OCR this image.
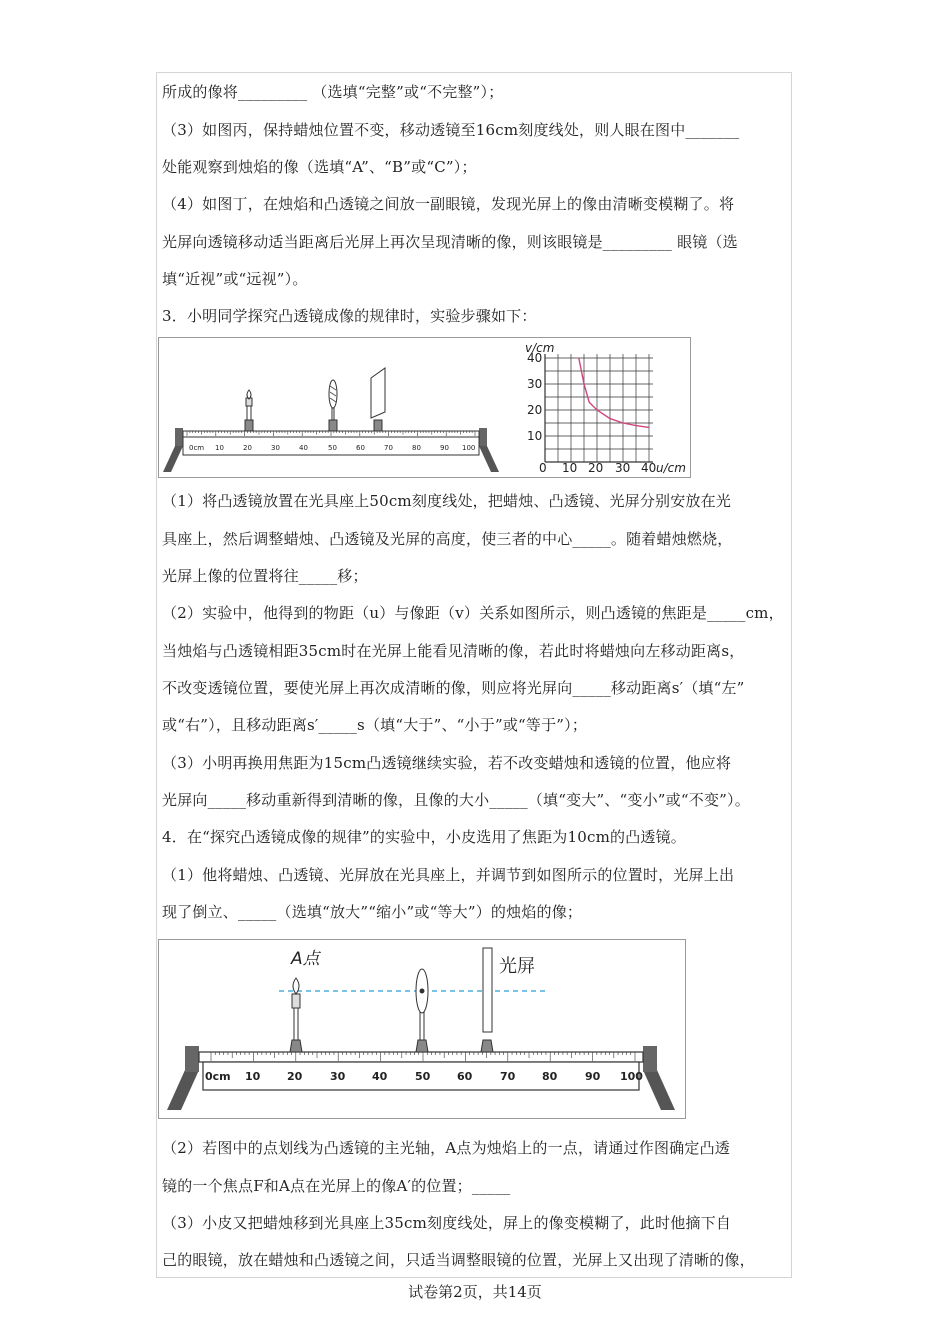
所成的像将_________ （选填“完整”或“不完整”）；
（3）如图丙，保持蜡烛位置不变，移动透镜至16cm刻度线处，则人眼在图中_______
处能观察到烛焰的像（选填“A”、“B”或“C”）；
（4）如图丁，在烛焰和凸透镜之间放一副眼镜，发现光屏上的像由清晰变模糊了。将
光屏向透镜移动适当距离后光屏上再次呈现清晰的像，则该眼镜是_________ 眼镜（选
填“近视”或“远视”）。
3．小明同学探究凸透镜成像的规律时，实验步骤如下：
（1）将凸透镜放置在光具座上50cm刻度线处，把蜡烛、凸透镜、光屏分别安放在光
具座上，然后调整蜡烛、凸透镜及光屏的高度，使三者的中心_____。随着蜡烛燃烧，
光屏上像的位置将往_____移；
（2）实验中，他得到的物距（u）与像距（v）关系如图所示，则凸透镜的焦距是_____cm，
当烛焰与凸透镜相距35cm时在光屏上能看见清晰的像，若此时将蜡烛向左移动距离s，
不改变透镜位置，要使光屏上再次成清晰的像，则应将光屏向_____移动距离s′（填“左”
或“右”），且移动距离s′_____s（填“大于”、“小于”或“等于”）；
（3）小明再换用焦距为15cm凸透镜继续实验，若不改变蜡烛和透镜的位置，他应将
光屏向_____移动重新得到清晰的像，且像的大小_____（填“变大”、“变小”或“不变”）。
4．在“探究凸透镜成像的规律”的实验中，小皮选用了焦距为10cm的凸透镜。
（1）他将蜡烛、凸透镜、光屏放在光具座上，并调节到如图所示的位置时，光屏上出
现了倒立、_____（选填“放大”“缩小”或“等大”）的烛焰的像；
（2）若图中的点划线为凸透镜的主光轴，A点为烛焰上的一点，请通过作图确定凸透
镜的一个焦点F和A点在光屏上的像A′的位置；_____
（3）小皮又把蜡烛移到光具座上35cm刻度线处，屏上的像变模糊了，此时他摘下自
己的眼镜，放在蜡烛和凸透镜之间，只适当调整眼镜的位置，光屏上又出现了清晰的像，
0cm 10	20	30	40	50	60	70	80	90 100
v/cm
10
20
30
40
0 10 20 30 40 u/cm
0cm 10 20	30 40	50 60	70 80	90 100
A点	光屏
试卷第2页，共14页
